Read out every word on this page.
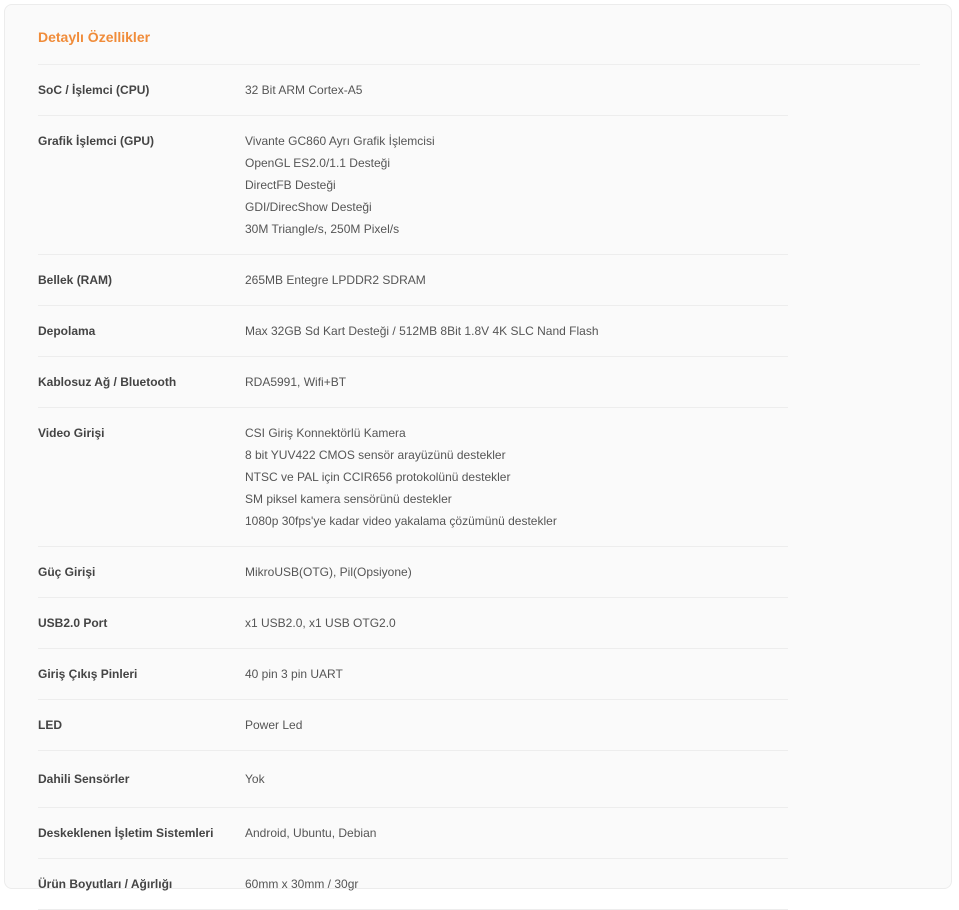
Detaylı Özellikler
SoC / İşlemci (CPU)	32 Bit ARM Cortex-A5
Grafik İşlemci (GPU)	Vivante GC860 Ayrı Grafik İşlemcisi
OpenGL ES2.0/1.1 Desteği
DirectFB Desteği
GDI/DirecShow Desteği
30M Triangle/s, 250M Pixel/s
Bellek (RAM)	265MB Entegre LPDDR2 SDRAM
Depolama	Max 32GB Sd Kart Desteği / 512MB 8Bit 1.8V 4K SLC Nand Flash
Kablosuz Ağ / Bluetooth	RDA5991, Wifi+BT
Video Girişi	CSI Giriş Konnektörlü Kamera
8 bit YUV422 CMOS sensör arayüzünü destekler
NTSC ve PAL için CCIR656 protokolünü destekler
SM piksel kamera sensörünü destekler
1080p 30fps'ye kadar video yakalama çözümünü destekler
Güç Girişi	MikroUSB(OTG), Pil(Opsiyone)
USB2.0 Port	x1 USB2.0, x1 USB OTG2.0
Giriş Çıkış Pinleri	40 pin 3 pin UART
LED	Power Led
Dahili Sensörler	Yok
Deskeklenen İşletim Sistemleri	Android, Ubuntu, Debian
Ürün Boyutları / Ağırlığı	60mm x 30mm / 30gr
